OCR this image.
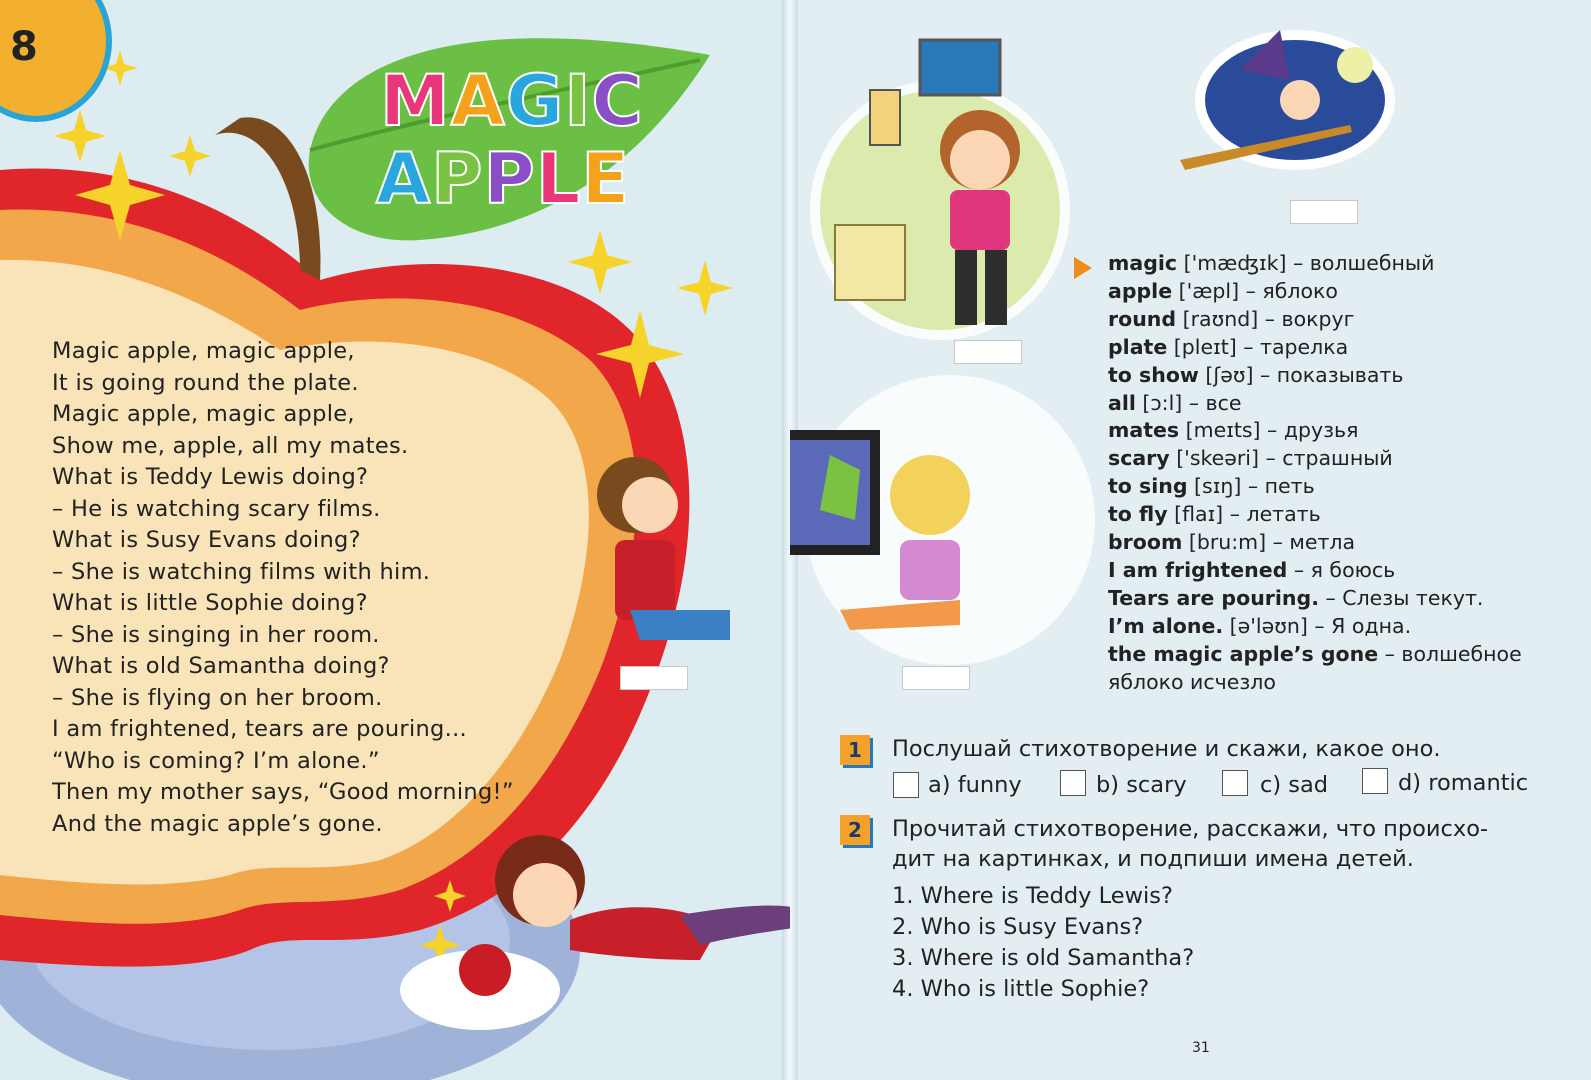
8
MAGIC
APPLE
Magic apple, magic apple,
It is going round the plate.
Magic apple, magic apple,
Show me, apple, all my mates.
What is Teddy Lewis doing?
– He is watching scary films.
What is Susy Evans doing?
– She is watching films with him.
What is little Sophie doing?
– She is singing in her room.
What is old Samantha doing?
– She is flying on her broom.
I am frightened, tears are pouring...
“Who is coming? I’m alone.”
Then my mother says, “Good morning!”
And the magic apple’s gone.
magic ['mæʤɪk] – волшебный
apple ['æpl] – яблоко
round [raʊnd] – вокруг
plate [pleɪt] – тарелка
to show [ʃəʊ] – показывать
all [ɔ:l] – все
mates [meɪts] – друзья
scary ['skeəri] – страшный
to sing [sɪŋ] – петь
to fly [flaɪ] – летать
broom [bru:m] – метла
I am frightened – я боюсь
Tears are pouring. – Слезы текут.
I’m alone. [ə'ləʊn] – Я одна.
the magic apple’s gone – волшебное
яблоко исчезло
1	Послушай стихотворение и скажи, какое оно.
a) funny	b) scary	c) sad	d) romantic
2	Прочитай стихотворение, расскажи, что происхо-
дит на картинках, и подпиши имена детей.
1. Where is Teddy Lewis?
2. Who is Susy Evans?
3. Where is old Samantha?
4. Who is little Sophie?
31
